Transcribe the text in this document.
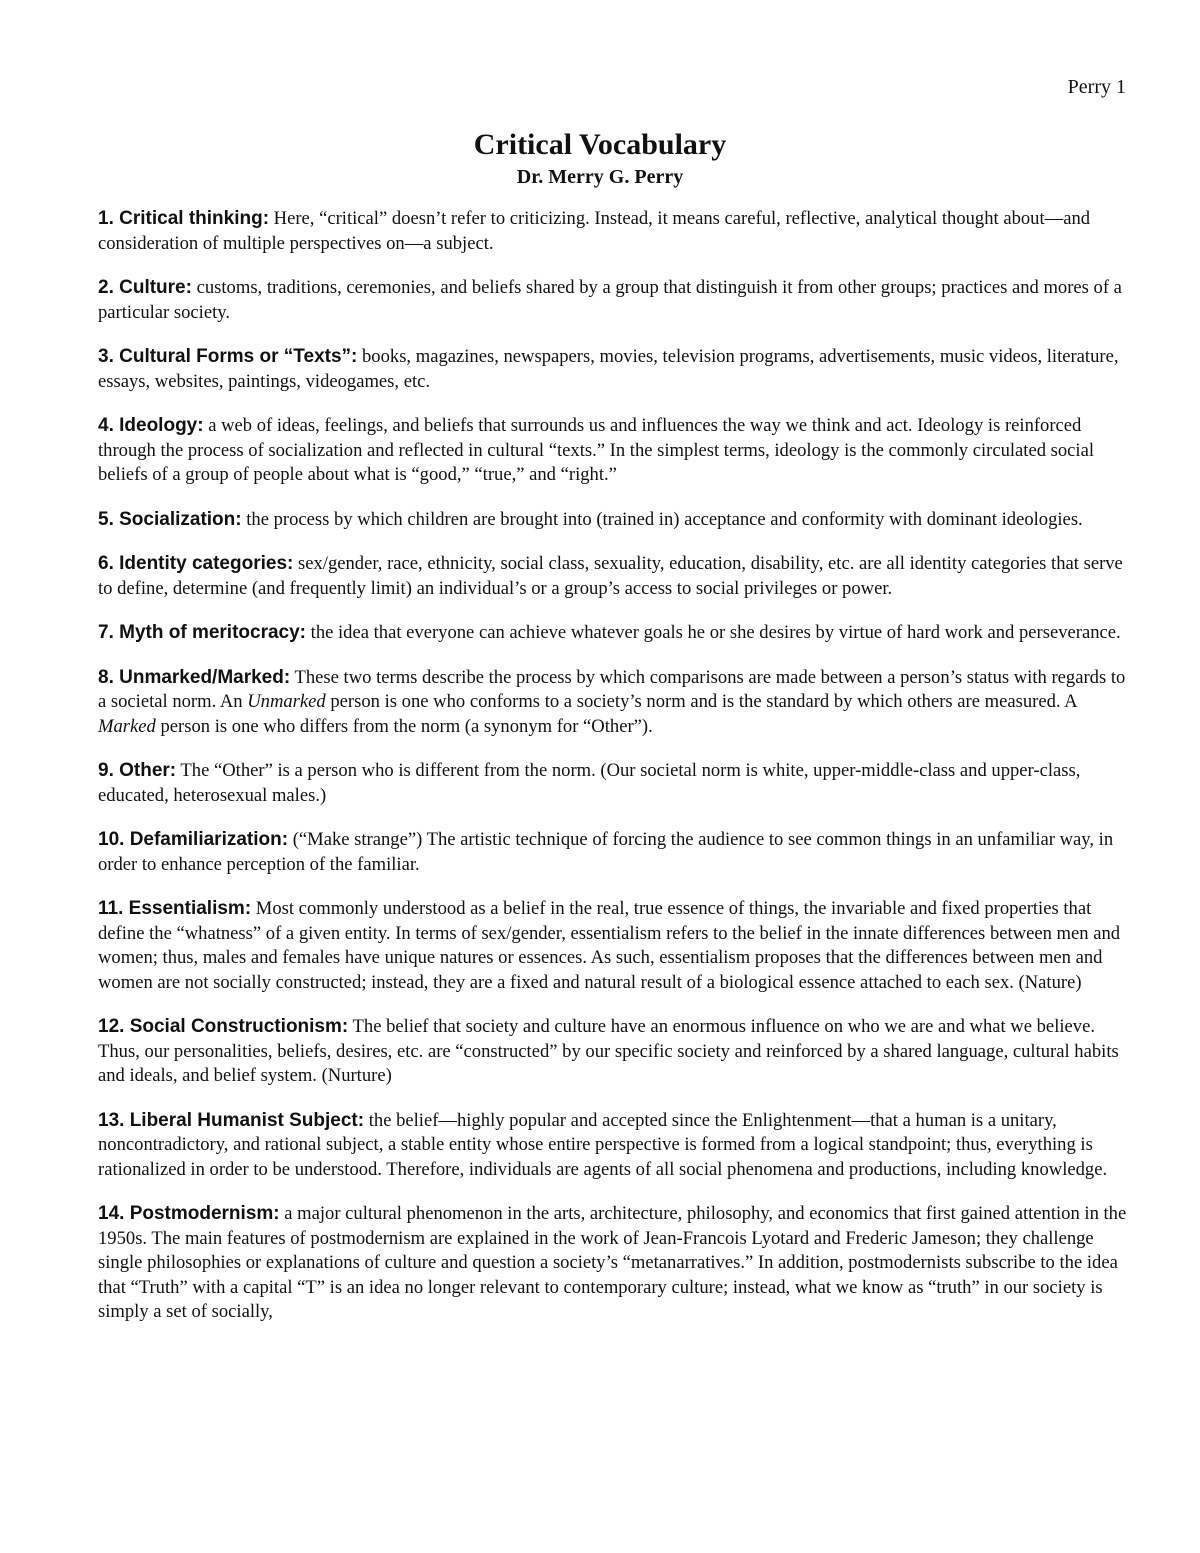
Perry 1
Critical Vocabulary
Dr. Merry G. Perry

1. Critical thinking: Here, “critical” doesn’t refer to criticizing. Instead, it means careful, reflective, analytical thought about—and consideration of multiple perspectives on—a subject.

2. Culture: customs, traditions, ceremonies, and beliefs shared by a group that distinguish it from other groups; practices and mores of a particular society.

3. Cultural Forms or “Texts”: books, magazines, newspapers, movies, television programs, advertisements, music videos, literature, essays, websites, paintings, videogames, etc.

4. Ideology: a web of ideas, feelings, and beliefs that surrounds us and influences the way we think and act. Ideology is reinforced through the process of socialization and reflected in cultural “texts.” In the simplest terms, ideology is the commonly circulated social beliefs of a group of people about what is “good,” “true,” and “right.”

5. Socialization: the process by which children are brought into (trained in) acceptance and conformity with dominant ideologies.

6. Identity categories: sex/gender, race, ethnicity, social class, sexuality, education, disability, etc. are all identity categories that serve to define, determine (and frequently limit) an individual’s or a group’s access to social privileges or power.

7. Myth of meritocracy: the idea that everyone can achieve whatever goals he or she desires by virtue of hard work and perseverance.

8. Unmarked/Marked: These two terms describe the process by which comparisons are made between a person’s status with regards to a societal norm. An Unmarked person is one who conforms to a society’s norm and is the standard by which others are measured. A Marked person is one who differs from the norm (a synonym for “Other”).

9. Other: The “Other” is a person who is different from the norm. (Our societal norm is white, upper-middle-class and upper-class, educated, heterosexual males.)

10. Defamiliarization: (“Make strange”) The artistic technique of forcing the audience to see common things in an unfamiliar way, in order to enhance perception of the familiar.

11. Essentialism: Most commonly understood as a belief in the real, true essence of things, the invariable and fixed properties that define the “whatness” of a given entity. In terms of sex/gender, essentialism refers to the belief in the innate differences between men and women; thus, males and females have unique natures or essences. As such, essentialism proposes that the differences between men and women are not socially constructed; instead, they are a fixed and natural result of a biological essence attached to each sex. (Nature)

12. Social Constructionism: The belief that society and culture have an enormous influence on who we are and what we believe. Thus, our personalities, beliefs, desires, etc. are “constructed” by our specific society and reinforced by a shared language, cultural habits and ideals, and belief system. (Nurture)

13. Liberal Humanist Subject: the belief—highly popular and accepted since the Enlightenment—that a human is a unitary, noncontradictory, and rational subject, a stable entity whose entire perspective is formed from a logical standpoint; thus, everything is rationalized in order to be understood. Therefore, individuals are agents of all social phenomena and productions, including knowledge.

14. Postmodernism: a major cultural phenomenon in the arts, architecture, philosophy, and economics that first gained attention in the 1950s. The main features of postmodernism are explained in the work of Jean-Francois Lyotard and Frederic Jameson; they challenge single philosophies or explanations of culture and question a society’s “metanarratives.” In addition, postmodernists subscribe to the idea that “Truth” with a capital “T” is an idea no longer relevant to contemporary culture; instead, what we know as “truth” in our society is simply a set of socially,
